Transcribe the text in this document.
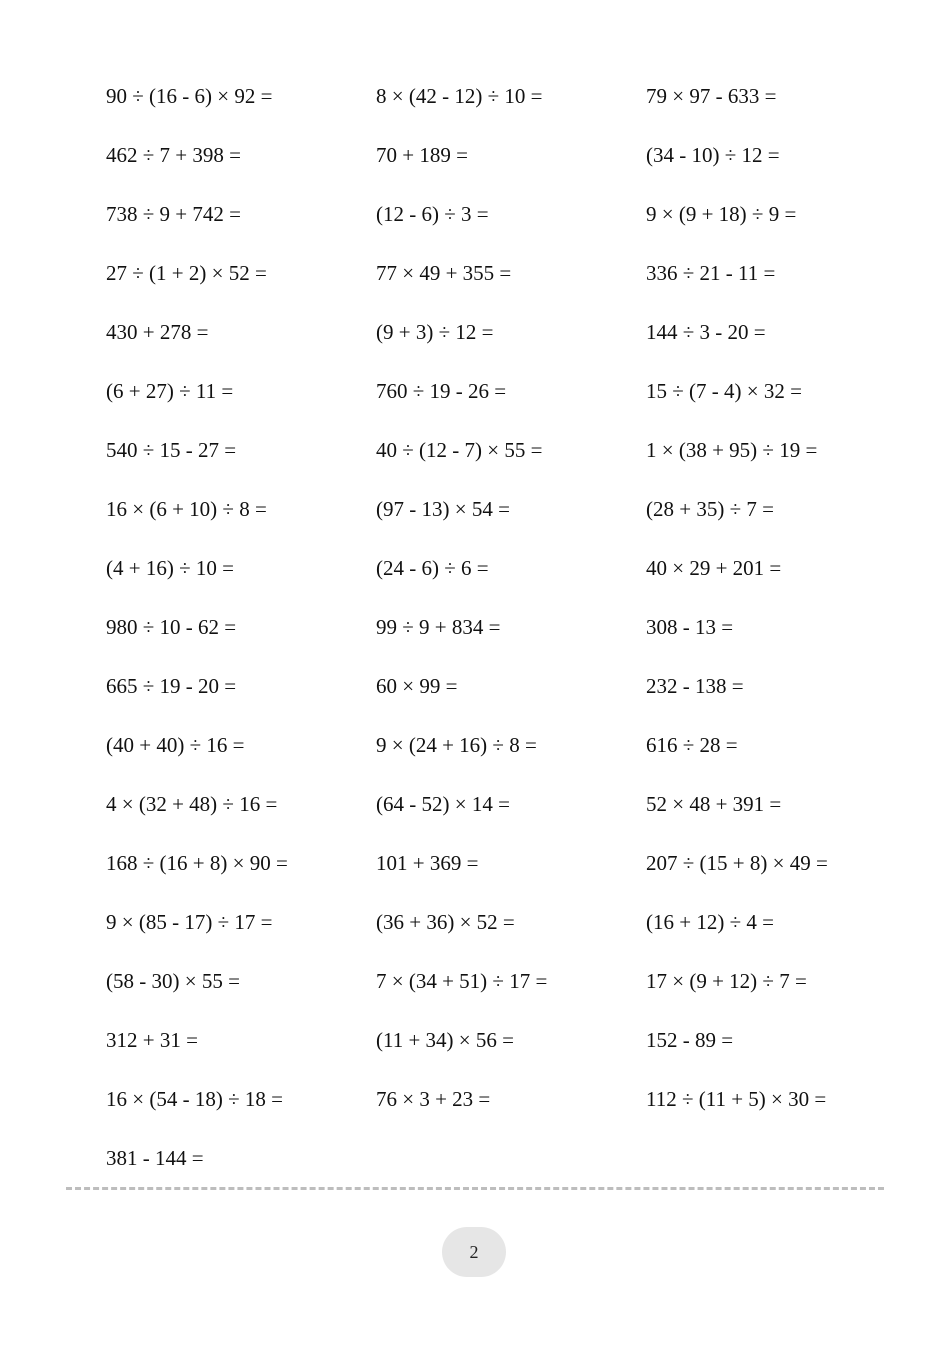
90 ÷ (16 - 6) × 92 =	8 × (42 - 12) ÷ 10 =	79 × 97 - 633 =
462 ÷ 7 + 398 =	70 + 189 =	(34 - 10) ÷ 12 =
738 ÷ 9 + 742 =	(12 - 6) ÷ 3 =	9 × (9 + 18) ÷ 9 =
27 ÷ (1 + 2) × 52 =	77 × 49 + 355 =	336 ÷ 21 - 11 =
430 + 278 =	(9 + 3) ÷ 12 =	144 ÷ 3 - 20 =
(6 + 27) ÷ 11 =	760 ÷ 19 - 26 =	15 ÷ (7 - 4) × 32 =
540 ÷ 15 - 27 =	40 ÷ (12 - 7) × 55 =	1 × (38 + 95) ÷ 19 =
16 × (6 + 10) ÷ 8 =	(97 - 13) × 54 =	(28 + 35) ÷ 7 =
(4 + 16) ÷ 10 =	(24 - 6) ÷ 6 =	40 × 29 + 201 =
980 ÷ 10 - 62 =	99 ÷ 9 + 834 =	308 - 13 =
665 ÷ 19 - 20 =	60 × 99 =	232 - 138 =
(40 + 40) ÷ 16 =	9 × (24 + 16) ÷ 8 =	616 ÷ 28 =
4 × (32 + 48) ÷ 16 =	(64 - 52) × 14 =	52 × 48 + 391 =
168 ÷ (16 + 8) × 90 =	101 + 369 =	207 ÷ (15 + 8) × 49 =
9 × (85 - 17) ÷ 17 =	(36 + 36) × 52 =	(16 + 12) ÷ 4 =
(58 - 30) × 55 =	7 × (34 + 51) ÷ 17 =	17 × (9 + 12) ÷ 7 =
312 + 31 =	(11 + 34) × 56 =	152 - 89 =
16 × (54 - 18) ÷ 18 =	76 × 3 + 23 =	112 ÷ (11 + 5) × 30 =
381 - 144 =
2
